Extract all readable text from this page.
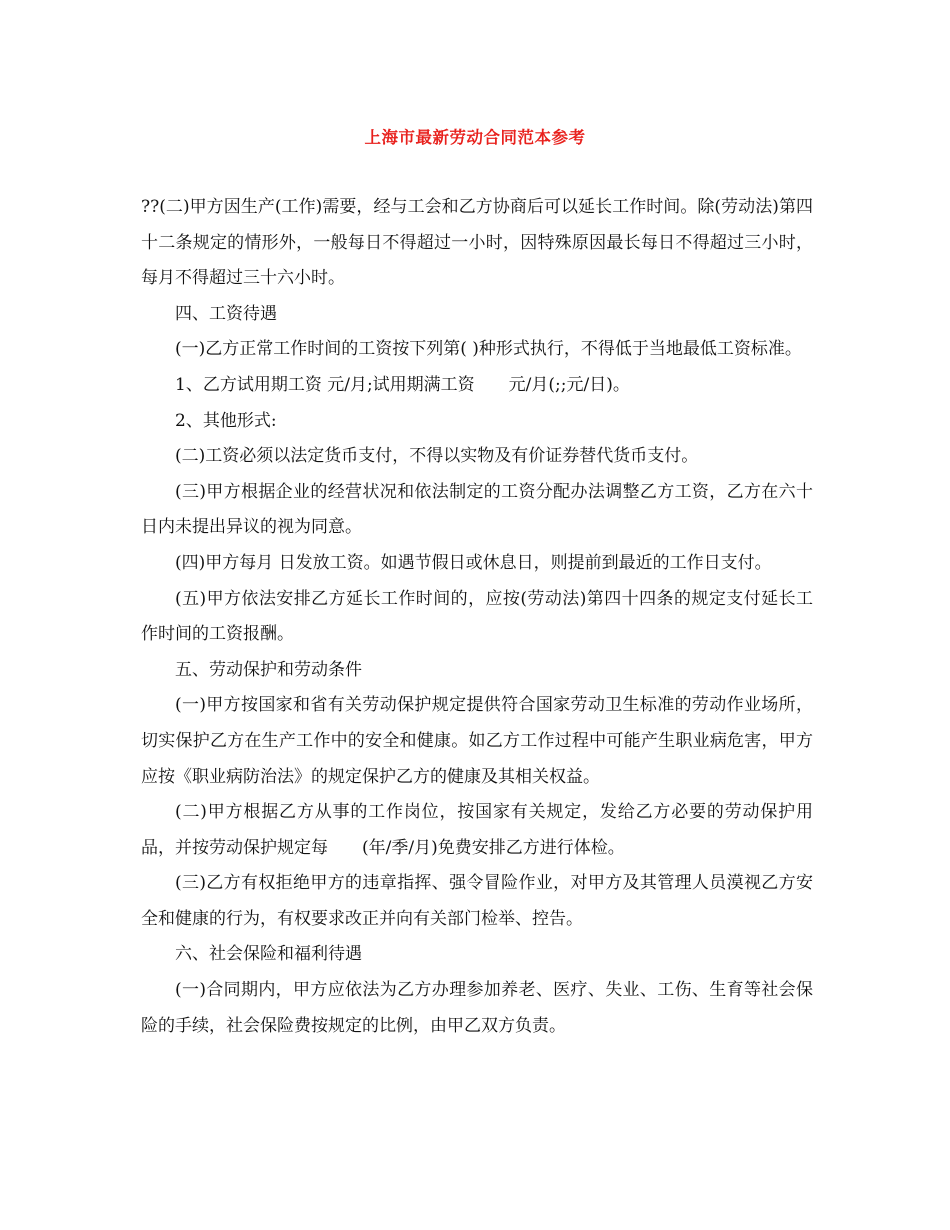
上海市最新劳动合同范本参考

??(二)甲方因生产(工作)需要，经与工会和乙方协商后可以延长工作时间。除(劳动法)第四十二条规定的情形外，一般每日不得超过一小时，因特殊原因最长每日不得超过三小时，每月不得超过三十六小时。

四、工资待遇

(一)乙方正常工作时间的工资按下列第( )种形式执行，不得低于当地最低工资标准。

1、乙方试用期工资 元/月;试用期满工资　　元/月(;;元/日)。

2、其他形式:

(二)工资必须以法定货币支付，不得以实物及有价证券替代货币支付。

(三)甲方根据企业的经营状况和依法制定的工资分配办法调整乙方工资，乙方在六十日内未提出异议的视为同意。

(四)甲方每月 日发放工资。如遇节假日或休息日，则提前到最近的工作日支付。

(五)甲方依法安排乙方延长工作时间的，应按(劳动法)第四十四条的规定支付延长工作时间的工资报酬。

五、劳动保护和劳动条件

(一)甲方按国家和省有关劳动保护规定提供符合国家劳动卫生标准的劳动作业场所，切实保护乙方在生产工作中的安全和健康。如乙方工作过程中可能产生职业病危害，甲方应按《职业病防治法》的规定保护乙方的健康及其相关权益。

(二)甲方根据乙方从事的工作岗位，按国家有关规定，发给乙方必要的劳动保护用品，并按劳动保护规定每　　(年/季/月)免费安排乙方进行体检。

(三)乙方有权拒绝甲方的违章指挥、强令冒险作业，对甲方及其管理人员漠视乙方安全和健康的行为，有权要求改正并向有关部门检举、控告。

六、社会保险和福利待遇

(一)合同期内，甲方应依法为乙方办理参加养老、医疗、失业、工伤、生育等社会保险的手续，社会保险费按规定的比例，由甲乙双方负责。
